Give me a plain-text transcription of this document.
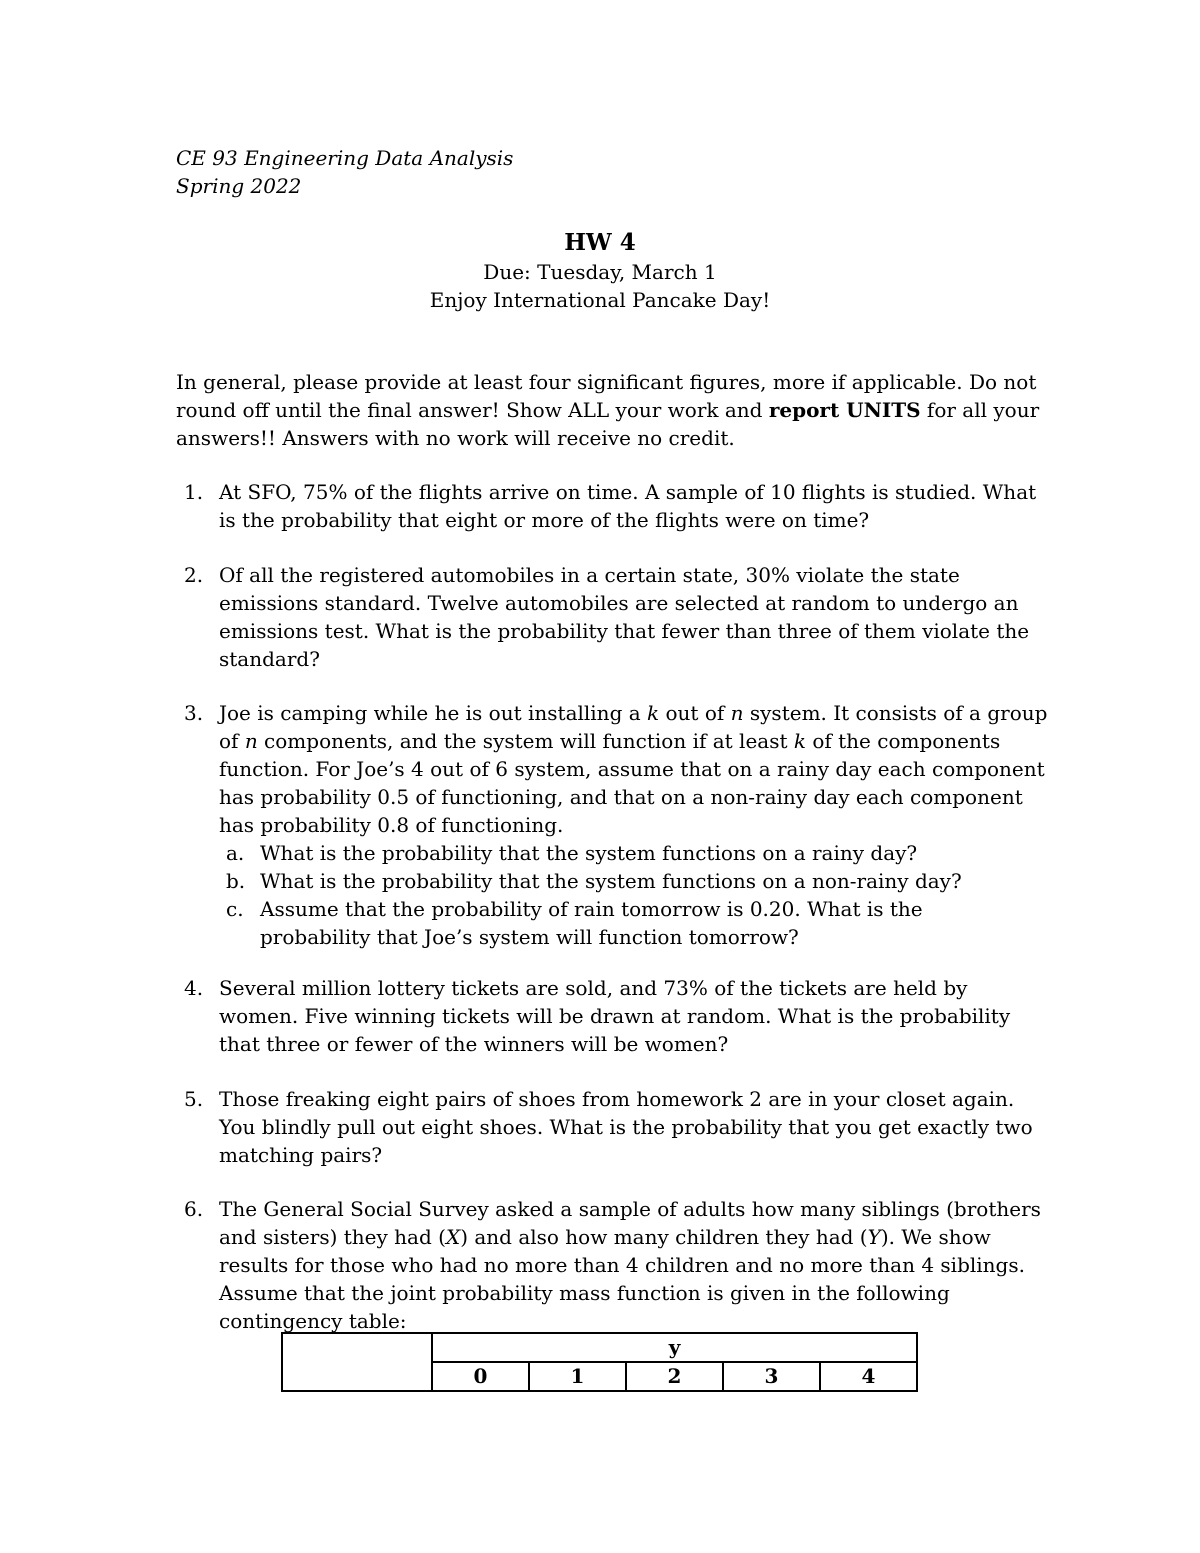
CE 93 Engineering Data Analysis
Spring 2022
HW 4
Due: Tuesday, March 1
Enjoy International Pancake Day!
In general, please provide at least four significant figures, more if applicable. Do not
round off until the final answer! Show ALL your work and report UNITS for all your
answers!! Answers with no work will receive no credit.
1. At SFO, 75% of the flights arrive on time. A sample of 10 flights is studied. What
is the probability that eight or more of the flights were on time?
2. Of all the registered automobiles in a certain state, 30% violate the state
emissions standard. Twelve automobiles are selected at random to undergo an
emissions test. What is the probability that fewer than three of them violate the
standard?
3. Joe is camping while he is out installing a k out of n system. It consists of a group
of n components, and the system will function if at least k of the components
function. For Joe’s 4 out of 6 system, assume that on a rainy day each component
has probability 0.5 of functioning, and that on a non-rainy day each component
has probability 0.8 of functioning.
a. What is the probability that the system functions on a rainy day?
b. What is the probability that the system functions on a non-rainy day?
c. Assume that the probability of rain tomorrow is 0.20. What is the
probability that Joe’s system will function tomorrow?
4. Several million lottery tickets are sold, and 73% of the tickets are held by
women. Five winning tickets will be drawn at random. What is the probability
that three or fewer of the winners will be women?
5. Those freaking eight pairs of shoes from homework 2 are in your closet again.
You blindly pull out eight shoes. What is the probability that you get exactly two
matching pairs?
6. The General Social Survey asked a sample of adults how many siblings (brothers
and sisters) they had (X) and also how many children they had (Y). We show
results for those who had no more than 4 children and no more than 4 siblings.
Assume that the joint probability mass function is given in the following
contingency table:
	y				
	0	1	2	3	4
